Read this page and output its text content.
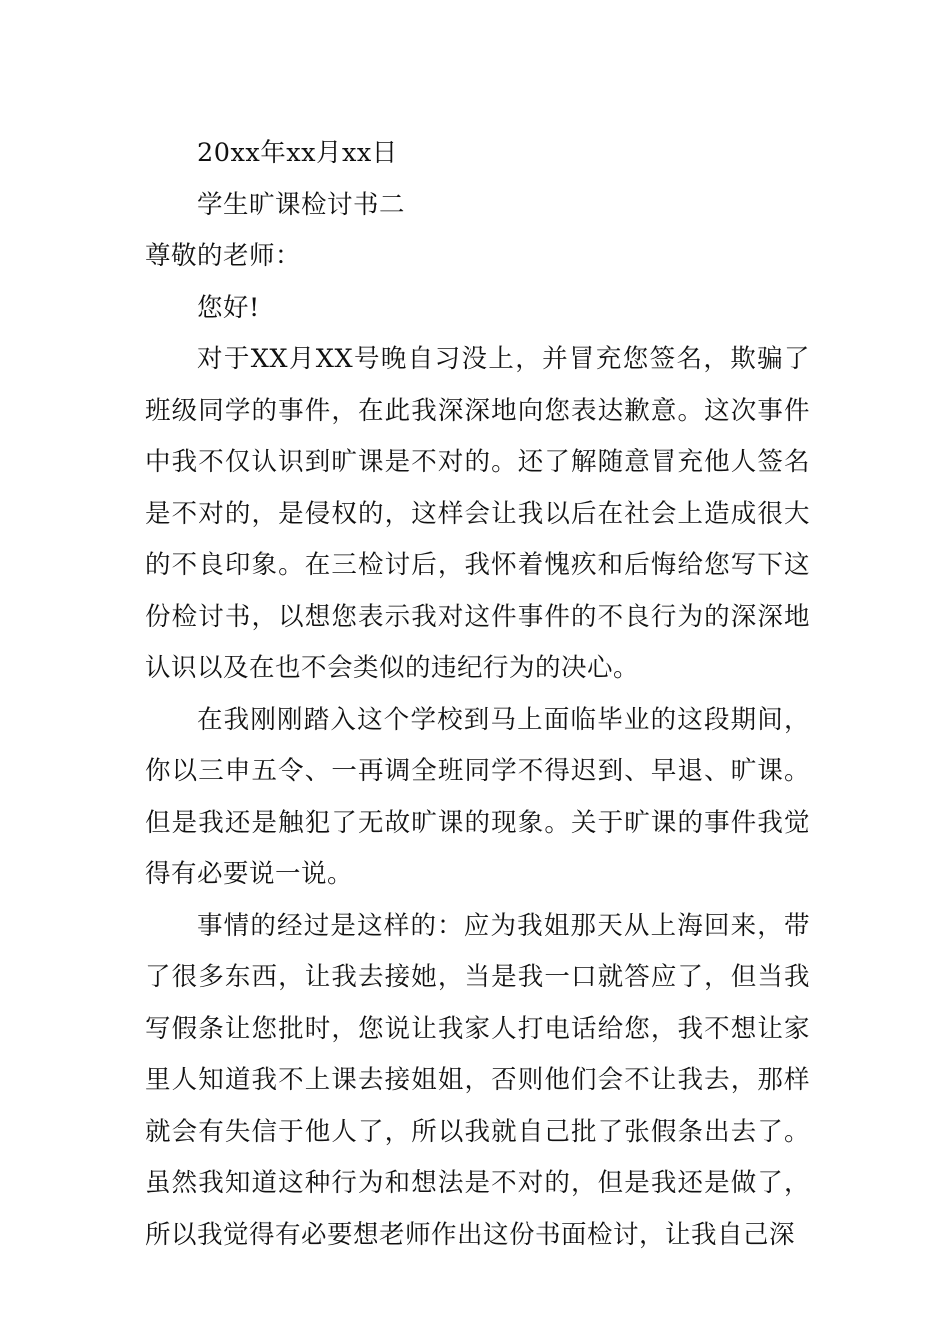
20xx年xx月xx日

学生旷课检讨书二

尊敬的老师：

您好!

对于XX月XX号晚自习没上，并冒充您签名，欺骗了班级同学的事件，在此我深深地向您表达歉意。这次事件中我不仅认识到旷课是不对的。还了解随意冒充他人签名是不对的，是侵权的，这样会让我以后在社会上造成很大的不良印象。在三检讨后，我怀着愧疚和后悔给您写下这份检讨书，以想您表示我对这件事件的不良行为的深深地认识以及在也不会类似的违纪行为的决心。

在我刚刚踏入这个学校到马上面临毕业的这段期间，你以三申五令、一再调全班同学不得迟到、早退、旷课。但是我还是触犯了无故旷课的现象。关于旷课的事件我觉得有必要说一说。

事情的经过是这样的：应为我姐那天从上海回来，带了很多东西，让我去接她，当是我一口就答应了，但当我写假条让您批时，您说让我家人打电话给您，我不想让家里人知道我不上课去接姐姐，否则他们会不让我去，那样就会有失信于他人了，所以我就自己批了张假条出去了。虽然我知道这种行为和想法是不对的，但是我还是做了，所以我觉得有必要想老师作出这份书面检讨，让我自己深
